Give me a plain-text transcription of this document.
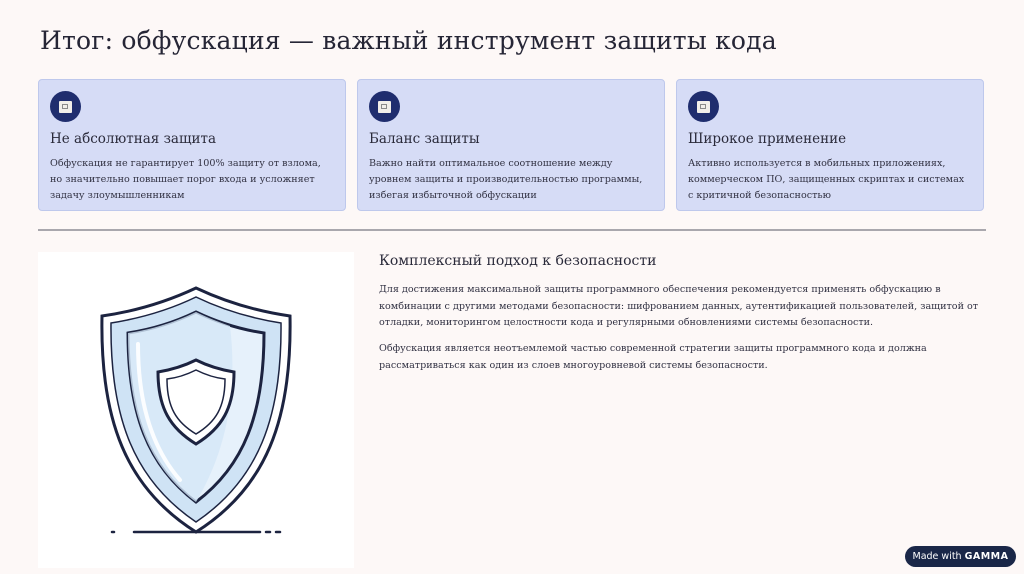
Итог: обфускация — важный инструмент защиты кода
Не абсолютная защита
Обфускация не гарантирует 100% защиту от взлома, но значительно повышает порог входа и усложняет задачу злоумышленникам
Баланс защиты
Важно найти оптимальное соотношение между уровнем защиты и производительностью программы, избегая избыточной обфускации
Широкое применение
Активно используется в мобильных приложениях, коммерческом ПО, защищенных скриптах и системах с критичной безопасностью
Комплексный подход к безопасности
Для достижения максимальной защиты программного обеспечения рекомендуется применять обфускацию в комбинации с другими методами безопасности: шифрованием данных, аутентификацией пользователей, защитой от отладки, мониторингом целостности кода и регулярными обновлениями системы безопасности.
Обфускация является неотъемлемой частью современной стратегии защиты программного кода и должна рассматриваться как один из слоев многоуровневой системы безопасности.
Made with GAMMA
